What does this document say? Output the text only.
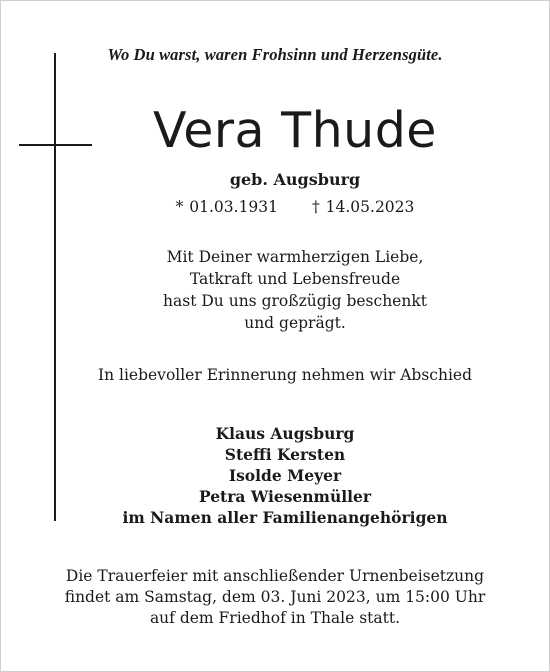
Wo Du warst, waren Frohsinn und Herzensgüte.
Vera Thude
geb. Augsburg
* 01.03.1931 † 14.05.2023
Mit Deiner warmherzigen Liebe,
Tatkraft und Lebensfreude
hast Du uns großzügig beschenkt
und geprägt.
In liebevoller Erinnerung nehmen wir Abschied
Klaus Augsburg
Steffi Kersten
Isolde Meyer
Petra Wiesenmüller
im Namen aller Familienangehörigen
Die Trauerfeier mit anschließender Urnenbeisetzung
findet am Samstag, dem 03. Juni 2023, um 15:00 Uhr
auf dem Friedhof in Thale statt.
